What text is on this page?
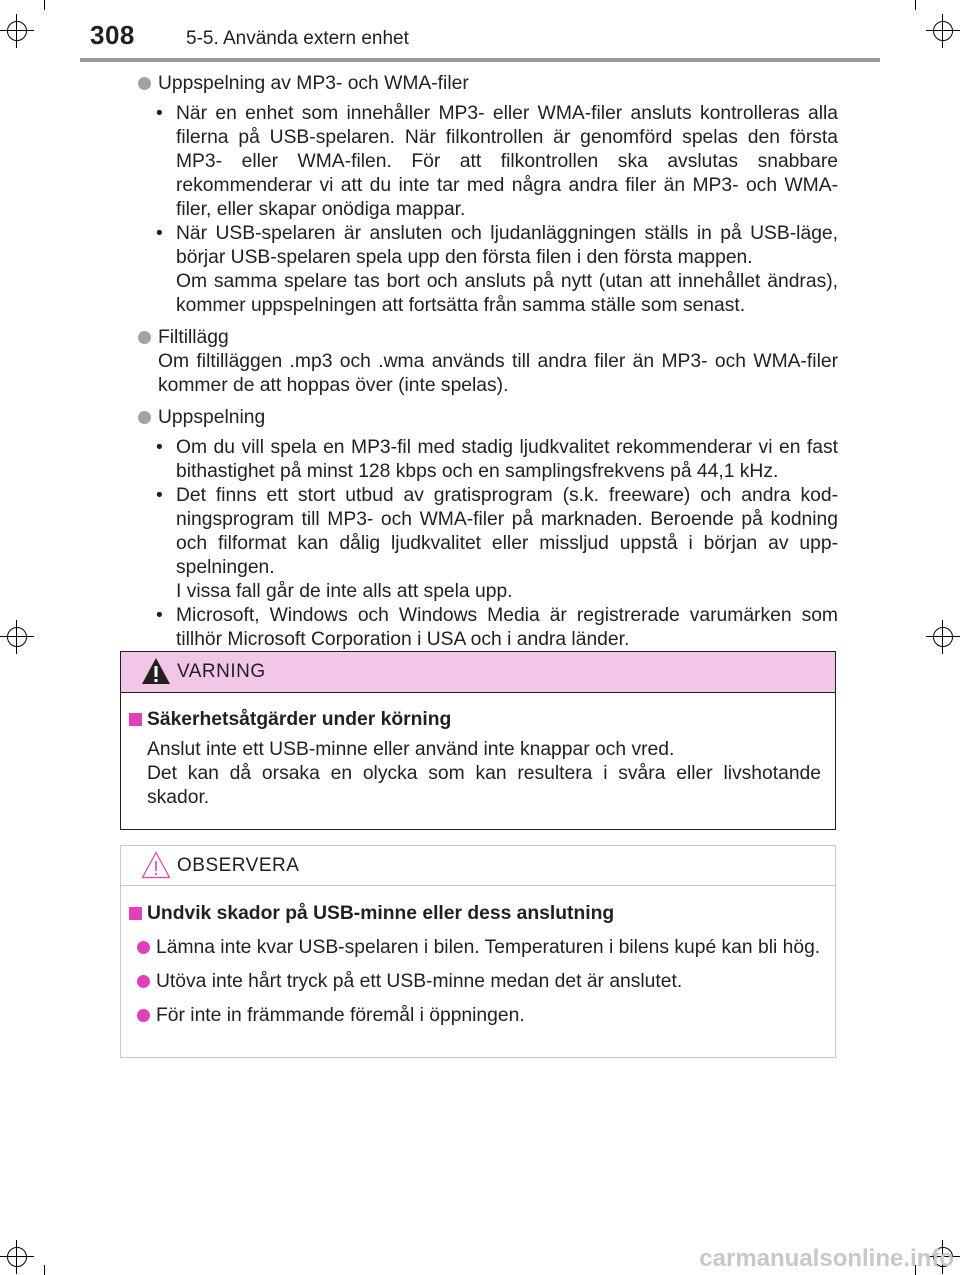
308	5-5. Använda extern enhet
Uppspelning av MP3- och WMA-filer
• När en enhet som innehåller MP3- eller WMA-filer ansluts kontrolleras alla filerna på USB-spelaren. När filkontrollen är genomförd spelas den första MP3- eller WMA-filen. För att filkontrollen ska avslutas snabbare rekommenderar vi att du inte tar med några andra filer än MP3- och WMA-filer, eller skapar onödiga mappar.
• När USB-spelaren är ansluten och ljudanläggningen ställs in på USB-läge, börjar USB-spelaren spela upp den första filen i den första mappen.
Om samma spelare tas bort och ansluts på nytt (utan att innehållet ändras), kommer uppspelningen att fortsätta från samma ställe som senast.
Filtillägg
Om filtilläggen .mp3 och .wma används till andra filer än MP3- och WMA-filer kommer de att hoppas över (inte spelas).
Uppspelning
• Om du vill spela en MP3-fil med stadig ljudkvalitet rekommenderar vi en fast bithastighet på minst 128 kbps och en samplingsfrekvens på 44,1 kHz.
• Det finns ett stort utbud av gratisprogram (s.k. freeware) och andra kod-ningsprogram till MP3- och WMA-filer på marknaden. Beroende på kodning och filformat kan dålig ljudkvalitet eller missljud uppstå i början av upp-spelningen.
I vissa fall går de inte alls att spela upp.
• Microsoft, Windows och Windows Media är registrerade varumärken som tillhör Microsoft Corporation i USA och i andra länder.
VARNING
Säkerhetsåtgärder under körning
Anslut inte ett USB-minne eller använd inte knappar och vred.
Det kan då orsaka en olycka som kan resultera i svåra eller livshotande skador.
OBSERVERA
Undvik skador på USB-minne eller dess anslutning
Lämna inte kvar USB-spelaren i bilen. Temperaturen i bilens kupé kan bli hög.
Utöva inte hårt tryck på ett USB-minne medan det är anslutet.
För inte in främmande föremål i öppningen.
carmanualsonline.info
